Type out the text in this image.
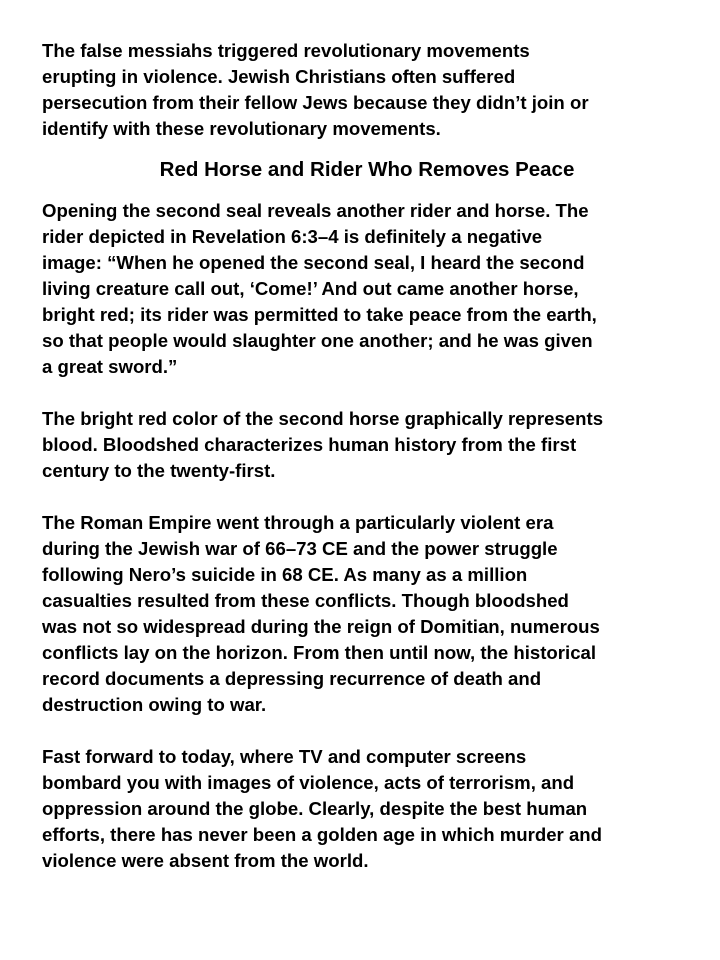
The false messiahs triggered revolutionary movements
erupting in violence. Jewish Christians often suffered
persecution from their fellow Jews because they didn’t join or
identify with these revolutionary movements.

Red Horse and Rider Who Removes Peace

Opening the second seal reveals another rider and horse. The
rider depicted in Revelation 6:3–4 is definitely a negative
image: “When he opened the second seal, I heard the second
living creature call out, ‘Come!’ And out came another horse,
bright red; its rider was permitted to take peace from the earth,
so that people would slaughter one another; and he was given
a great sword.”

The bright red color of the second horse graphically represents
blood. Bloodshed characterizes human history from the first
century to the twenty-first.

The Roman Empire went through a particularly violent era
during the Jewish war of 66–73 CE and the power struggle
following Nero’s suicide in 68 CE. As many as a million
casualties resulted from these conflicts. Though bloodshed
was not so widespread during the reign of Domitian, numerous
conflicts lay on the horizon. From then until now, the historical
record documents a depressing recurrence of death and
destruction owing to war.

Fast forward to today, where TV and computer screens
bombard you with images of violence, acts of terrorism, and
oppression around the globe. Clearly, despite the best human
efforts, there has never been a golden age in which murder and
violence were absent from the world.
